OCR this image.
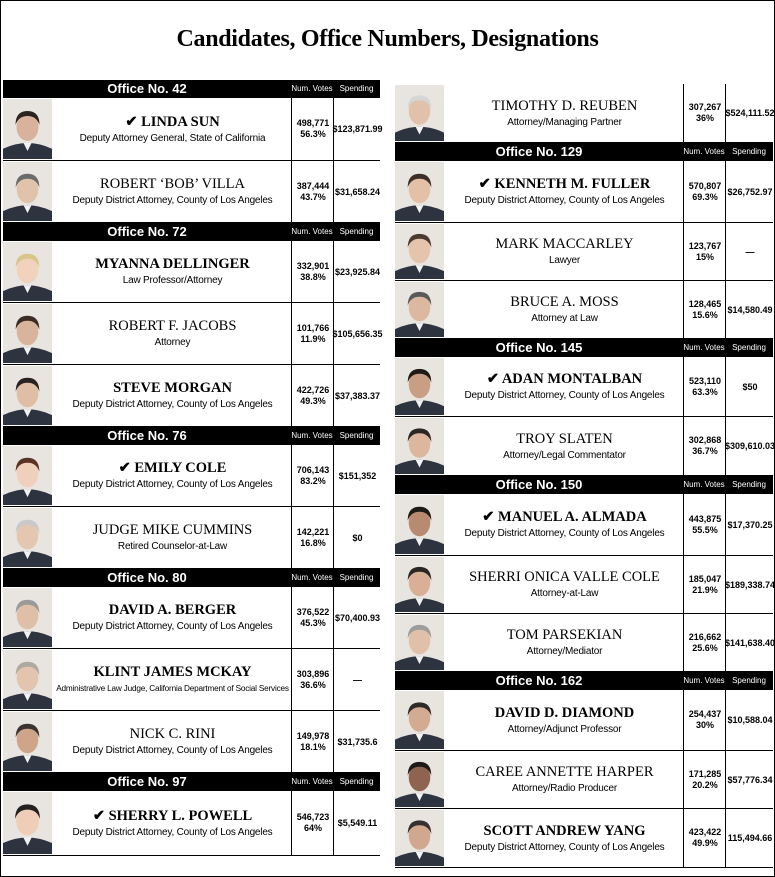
Candidates, Office Numbers, Designations
Office No. 42	Num. Votes Spending
✔ LINDA SUN
Deputy Attorney General, State of California
498,771
56.3% $123,871.99
ROBERT ‘BOB’ VILLA
Deputy District Attorney, County of Los Angeles
387,444
43.7% $31,658.24
Office No. 72	Num. Votes Spending
MYANNA DELLINGER
Law Professor/Attorney
332,901
38.8% $23,925.84
ROBERT F. JACOBS
Attorney
101,766
11.9% $105,656.35
STEVE MORGAN
Deputy District Attorney, County of Los Angeles
422,726
49.3% $37,383.37
Office No. 76	Num. Votes Spending
✔ EMILY COLE
Deputy District Attorney, County of Los Angeles
706,143
83.2%	$151,352
JUDGE MIKE CUMMINS
Retired Counselor-at-Law
142,221
16.8%	$0
Office No. 80	Num. Votes Spending
DAVID A. BERGER
Deputy District Attorney, County of Los Angeles
376,522
45.3% $70,400.93
KLINT JAMES MCKAY
Administrative Law Judge, California Department of Social Services
303,896
36.6%	—
NICK C. RINI
Deputy District Attorney, County of Los Angeles
149,978
18.1%	$31,735.6
Office No. 97	Num. Votes Spending
✔ SHERRY L. POWELL
Deputy District Attorney, County of Los Angeles
546,723
64%	$5,549.11
TIMOTHY D. REUBEN
Attorney/Managing Partner
307,267
36% $524,111.52
Office No. 129	Num. Votes Spending
✔ KENNETH M. FULLER
Deputy District Attorney, County of Los Angeles
570,807
69.3% $26,752.97
MARK MACCARLEY
Lawyer
123,767
15%	—
BRUCE A. MOSS
Attorney at Law
128,465
15.6% $14,580.49
Office No. 145	Num. Votes Spending
✔ ADAN MONTALBAN
Deputy District Attorney, County of Los Angeles
523,110
63.3%	$50
TROY SLATEN
Attorney/Legal Commentator
302,868
36.7% $309,610.03
Office No. 150	Num. Votes Spending
✔ MANUEL A. ALMADA
Deputy District Attorney, County of Los Angeles
443,875
55.5% $17,370.25
SHERRI ONICA VALLE COLE
Attorney-at-Law
185,047
21.9% $189,338.74
TOM PARSEKIAN
Attorney/Mediator
216,662
25.6% $141,638.40
Office No. 162	Num. Votes Spending
DAVID D. DIAMOND
Attorney/Adjunct Professor
254,437
30% $10,588.04
CAREE ANNETTE HARPER
Attorney/Radio Producer
171,285
20.2% $57,776.34
SCOTT ANDREW YANG
Deputy District Attorney, County of Los Angeles
423,422
49.9%	115,494.66
